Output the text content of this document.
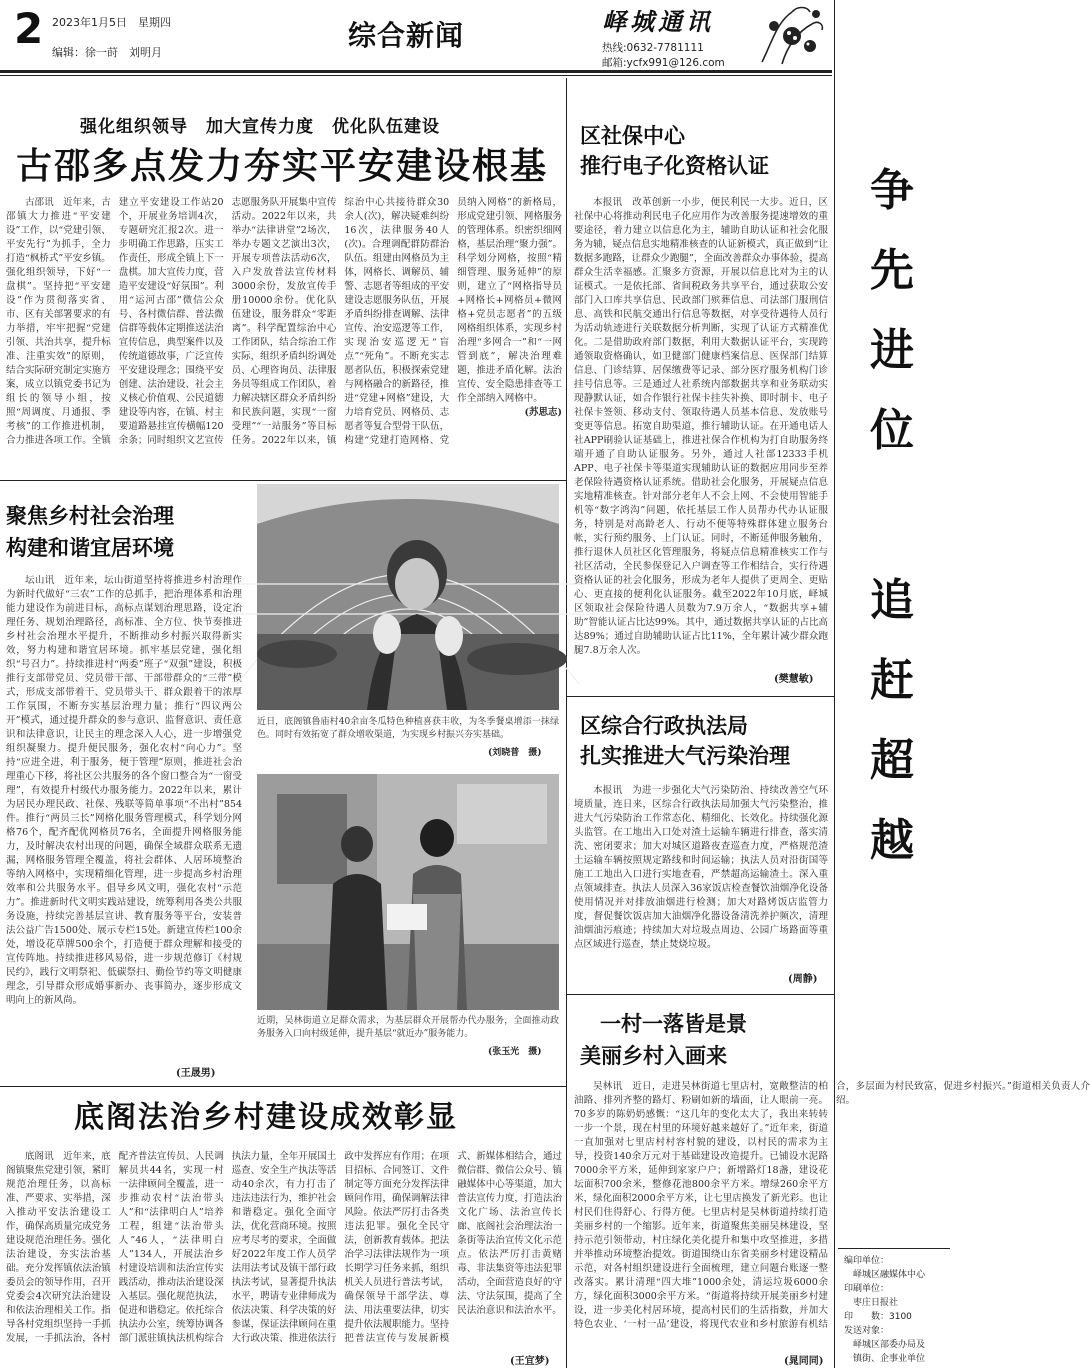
2 2023年1月5日　星期四
编辑：徐一莳　刘明月
综合新闻	峄城通讯
热线:0632-7781111
邮箱:ycfx991@126.com
强化组织领导　加大宣传力度　优化队伍建设
古邵多点发力夯实平安建设根基

古邵讯　近年来，古邵镇大力推进“平安建设”工作，以“党建引领、平安先行”为抓手，全力打造“枫桥式”平安乡镇。强化组织领导，下好“一盘棋”。坚持把“平安建设”作为贯彻落实省、市、区有关部署要求的有力举措，牢牢把握“党建引领、共治共享，提升标准、注重实效”的原则，结合实际研究制定实施方案，成立以镇党委书记为组长的领导小组，按照“周调度、月通报、季考核”的工作推进机制，合力推进各项工作。全镇建立平安建设工作站20个，开展业务培训4次，专题研究汇报2次。进一步明确工作思路，压实工作责任，形成全镇上下一盘棋。加大宣传力度，营造平安建设“好氛围”。利用“运河古邵”微信公众号、各村微信群、普法微信群等载体定期推送法治宣传信息，典型案件以及传统道德故事，广泛宣传平安建设理念；围绕平安创建、法治建设、社会主义核心价值观、公民道德建设等内容，在镇、村主要道路悬挂宣传横幅120余条；同时组织文艺宣传志愿服务队开展集中宣传活动。2022年以来，共举办“法律讲堂”2场次，举办专题文艺演出3次，开展专项普法活动6次，入户发放普法宣传材料3000余份，发放宣传手册10000余份。优化队伍建设，服务群众“零距离”。科学配置综治中心工作团队，结合综治工作实际，组织矛盾纠纷调处员、心理咨询员、法律服务员等组成工作团队，着力解决辖区群众矛盾纠纷和民族问题，实现“一窗受理”“一站服务”等目标任务。2022年以来，镇综治中心共接待群众30余人(次)，解决疑难纠纷16次，法律服务40人(次)。合理调配群防群治队伍。组建由网格员为主体，网格长、调解员、辅警、志愿者等组成的平安建设志愿服务队伍，开展矛盾纠纷排查调解、法律宣传、治安巡逻等工作，实现治安巡逻无“盲点”“死角”。不断充实志愿者队伍，积极探索党建与网格融合的新路径，推进“党建+网格”建设，大力培育党员、网格员、志愿者等复合型骨干队伍，构建“党建打造网格、党员纳入网格”的新格局，形成党建引领、网格服务的管理体系。织密织细网格，基层治理“聚力强”。科学划分网格，按照“精细管理、服务延伸”的原则，建立了“网格指导员+网格长+网格员+微网格+党员志愿者”的五级网格组织体系，实现乡村治理“多网合一”和“一网管到底”，解决治理难题，推进矛盾化解。法治宣传、安全隐患排查等工作全部纳入网格中。

(苏思志)

聚焦乡村社会治理
构建和谐宜居环境

坛山讯　近年来，坛山街道坚持将推进乡村治理作为新时代做好“三农”工作的总抓手，把治理体系和治理能力建设作为前进目标，高标点谋划治理思路，设定治理任务、规划治理路径，高标准、全方位、快节奏推进乡村社会治理水平提升，不断推动乡村振兴取得新实效，努力构建和谐宜居环境。抓牢基层党建，强化组织“号召力”。持续推进村“两委”班子“双强”建设，积极推行支部带党员、党员带干部、干部带群众的“三带”模式，形成支部带着干、党员带头干、群众跟着干的浓厚工作氛围，不断夯实基层治理力量；推行“四议两公开”模式，通过提升群众的参与意识、监督意识、责任意识和法律意识，让民主的理念深入人心，进一步增强党组织凝聚力。提升便民服务，强化农村“向心力”。坚持“应进全进，利于服务，便于管理”原则，推进社会治理重心下移，将社区公共服务的各个窗口整合为“一窗受理”，有效提升村级代办服务能力。2022年以来，累计为居民办理民政、社保、残联等简单事项“不出村”854件。推行“两员三长”网格化服务管理模式，科学划分网格76个，配齐配优网格员76名，全面提升网格服务能力，及时解决农村出现的问题，确保全域群众联系无遗漏，网格服务管理全覆盖，将社会群体、人居环境整治等纳入网格中，实现精细化管理，进一步提高乡村治理效率和公共服务水平。倡导乡风文明，强化农村“示范力”。推进新时代文明实践站建设，统筹利用各类公共服务设施，持续完善基层宣讲、教育服务等平台，安装普法公益广告1500处、展示专栏15处。新建宣传栏100余处，增设花草牌500余个，打造便于群众理解和接受的宣传阵地。持续推进移风易俗，进一步规范修订《村规民约》，践行文明祭祀、低碳祭扫、勤俭节约等文明健康理念，引导群众形成婚事新办、丧事简办，逐步形成文明向上的新风尚。

(王晟男)
近日，底阁镇鲁庙村40余亩冬瓜特色种植喜获丰收，为冬季餐桌增添一抹绿色。同时有效拓宽了群众增收渠道，为实现乡村振兴夯实基础。
(刘晓普　摄)
近期，吴林街道立足群众需求，为基层群众开展帮办代办服务，全面推动政务服务入口向村级延伸，提升基层“就近办”服务能力。
(张玉光　摄)
区社保中心
推行电子化资格认证

本报讯　改革创新一小步，便民利民一大步。近日，区社保中心将推动利民电子化应用作为改善服务提速增效的重要途径，着力建立以信息化为主，辅助自助认证和社会化服务为辅，疑点信息实地精准核查的认证新模式，真正做到“让数据多跑路，让群众少跑腿”，全面改善群众办事体验，提高群众生活幸福感。汇聚多方资源，开展以信息比对为主的认证模式。一是依托部、省间税政务共享平台，通过获取公安部门入口库共享信息、民政部门殡葬信息、司法部门服刑信息、高铁和民航交通出行信息等数据，对享受待遇待人员行为活动轨迹进行关联数据分析判断，实现了认证方式精准优化。二是借助政府部门数据，利用大数据认证平台，实现跨通领取资格确认，如卫健部门健康档案信息、医保部门结算信息、门诊结算、居保缴费等记录、部分医疗服务机构门诊挂号信息等。三是通过人社系统内部数据共享和业务联动实现静默认证，如合作银行社保卡挂失补换、即时制卡、电子社保卡签领、移动支付、领取待遇人员基本信息、发放账号变更等信息。拓宽自助渠道，推行辅助认证。在开通电话人社APP刷验认证基础上，推进社保合作机构为打自助服务终端开通了自助认证服务。另外，通过人社部12333手机APP、电子社保卡等渠道实现辅助认证的数据应用同步至养老保险待遇资格认证系统。借助社会化服务，开展疑点信息实地精准核查。针对部分老年人不会上网、不会使用智能手机等“数字鸿沟”问题，依托基层工作人员帮办代办认证服务，特别是对高龄老人、行动不便等特殊群体建立服务台帐，实行预约服务、上门认证。同时，不断延伸服务触角，推行退休人员社区化管理服务，将疑点信息精准核实工作与社区活动，全民参保登记入户调查等工作相结合，实行待遇资格认证的社会化服务，形成为老年人提供了更周全、更贴心、更直接的便利化认证服务。截至2022年10月底，峄城区领取社会保险待遇人员数为7.9万余人，“数据共享+辅助”智能认证占比达99%。其中，通过数据共享认证的占比高达89%；通过自助辅助认证占比11%，全年累计减少群众跑腿7.8万余人次。

(樊慧敏)
区综合行政执法局
扎实推进大气污染治理

本报讯　为进一步强化大气污染防治、持续改善空气环境质量，连日来，区综合行政执法局加强大气污染整治，推进大气污染防治工作常态化、精细化、长效化。持续强化源头监管。在工地出入口处对渣土运输车辆进行排查，落实清洗、密闭要求；加大对城区道路夜查巡查力度，严格规范渣土运输车辆按照规定路线和时间运输；执法人员对沿街国等施工工地出入口进行实地查看，严禁超高运输渣土。深入重点领域排查。执法人员深入36家饭店检查餐饮油烟净化设备使用情况并对排放油烟进行检测；加大对路烤饭店监管力度，督促餐饮饭店加大油烟净化器设备清洗养护频次，清理油烟油污痕迹；持续加大对垃圾点周边、公园广场路面等重点区域进行巡查，禁止焚烧垃圾。

(周静)
一村一落皆是景
美丽乡村入画来

吴林讯　近日，走进吴林街道七里店村，宽敞整洁的柏油路、排列齐整的路灯、粉刷如新的墙面，让人眼前一亮。70多岁的陈奶奶感慨：“这几年的变化太大了，我出来转转一步一个景，现在村里的环境好越来越好了。”近年来，街道一直加强对七里店村村容村貌的建设，以村民的需求为主导，投资140余万元对于基础建设改造提升。已铺设水泥路7000余平方米，延伸到家家户户；新增路灯18盏，建设花坛面积700余米，整修花池800余平方米。增绿260余平方米，绿化面积2000余平方米，让七里店换发了新光彩。也让村民们住得舒心、行得方便。七里店村是吴林街道持续打造美丽乡村的一个缩影。近年来，街道聚焦美丽吴林建设，坚持示范引领带动，村庄绿化美化提升和集中攻坚推进，多措并举推动环境整治提效。街道围绕山东省美丽乡村建设精品示范，对各村组织建设进行全面梳理，建立问题台账逐一整改落实。累计清理“四大堆”1000余处，清运垃圾6000余方，绿化面积3000余平方米。“街道将持续开展美丽乡村建设，进一步美化村居环境，提高村民们的生活指数，并加大特色农业、‘一村一品’建设，将现代农业和乡村旅游有机结合，多层面为村民致富，促进乡村振兴。”街道相关负责人介绍。

(晁同同)
底阁法治乡村建设成效彰显

底阁讯　近年来，底阁镇聚焦党建引领，紧盯规范治理任务，以高标准、严要求、实举措，深入推动平安法治建设工作，确保高质量完成党务建设规范治理任务。强化法治建设，夯实法治基础。充分发挥镇依法治镇委员会的领导作用，召开党委会4次研究法治建设和依法治理相关工作。指导各村党组织坚持一手抓发展，一手抓法治，各村配齐普法宣传员、人民调解员共44名，实现一村一法律顾问全覆盖，进一步推动农村“法治带头人”和“法律明白人”培养工程，组建“法治带头人”46人，“法律明白人”134人，开展法治乡村建设培训和法治宣传实践活动，推动法治建设深入基层。强化规范执法，促进和谐稳定。依托综合执法办公室，统筹协调各部门派驻镇执法机构综合执法力量，全年开展国土巡查、安全生产执法等活动40余次，有力打击了违法违法行为，维护社会和谐稳定。强化全面守法，优化营商环境。按照应考尽考的要求，全面做好2022年度工作人员学法用法考试及镇干部行政执法考试，显著提升执法水平，聘请专业律师成为依法决策、科学决策的好参谋，保证法律顾问在重大行政决策、推进依法行政中发挥应有作用；在项目招标、合同签订、文件制定等方面充分发挥法律顾问作用，确保调解法律风险。依法严厉打击各类违法犯罪。强化全民守法，创新教育载体。把法治学习法律法规作为一项长期学习任务来抓，组织机关人员进行普法考试，确保领导干部学法、尊法、用法重要法律，切实提升依法履职能力。坚持把普法宣传与发展新模式、新媒体相结合，通过微信群、微信公众号、镇融媒体中心等渠道，加大普法宣传力度，打造法治文化广场、法治宣传长廊、底阁社会治理法治一条街等法治宣传文化示范点。依法严厉打击黄赌毒、非法集资等违法犯罪活动，全面营造良好的守法、守法氛围，提高了全民法治意识和法治水平。

(王宜梦)
争
先
进
位
追
赶
超
越
编印单位：
　峄城区融媒体中心
印刷单位：
　枣庄日报社
印　　数：3100
发送对象：
　峄城区部委办局及
　镇街、企事业单位
